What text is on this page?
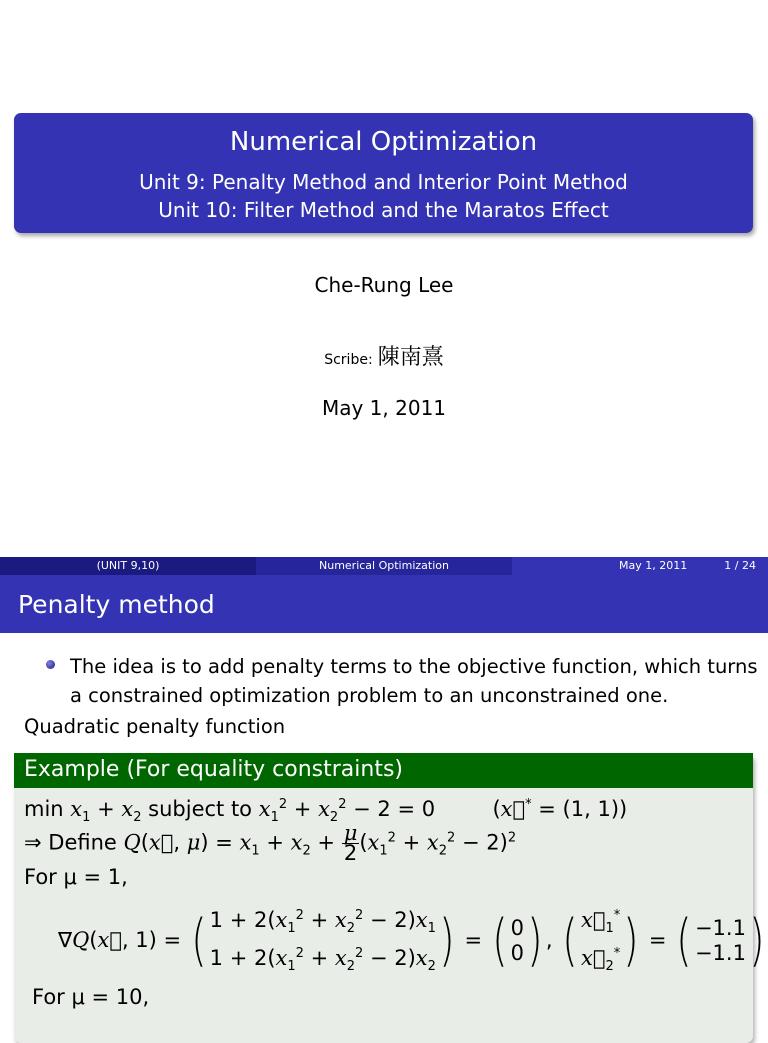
Numerical Optimization
Unit 9: Penalty Method and Interior Point Method
Unit 10: Filter Method and the Maratos Effect
Che-Rung Lee
Scribe: 陳南熹
May 1, 2011
(UNIT 9,10)	Numerical Optimization	May 1, 2011	1 / 24
Penalty method
The idea is to add penalty terms to the objective function, which turns a constrained optimization problem to an unconstrained one.
Quadratic penalty function
Example (For equality constraints)
$\min x_1 + x_2$ subject to $x_1^2 + x_2^2 - 2 = 0$  (x⃗* = (1, 1))
⇒ Define Q(x⃗, $\mu) = x_1 + x_2 + \frac{\mu}{2} (x_1^2 + x_2^2 - 2)^2$
For μ = 1,
∇Q(x⃗, 1) = ( $1 + 2(x_1^2 + x_2^2 - 2)x_1$
$1 + 2(x_1^2 + x_2^2 - 2)x_2$) = ( 0
0) , ( $x⃗_1^*$
$x⃗_2^*$) = ( −1.1
−1.1)
For μ = 10,
